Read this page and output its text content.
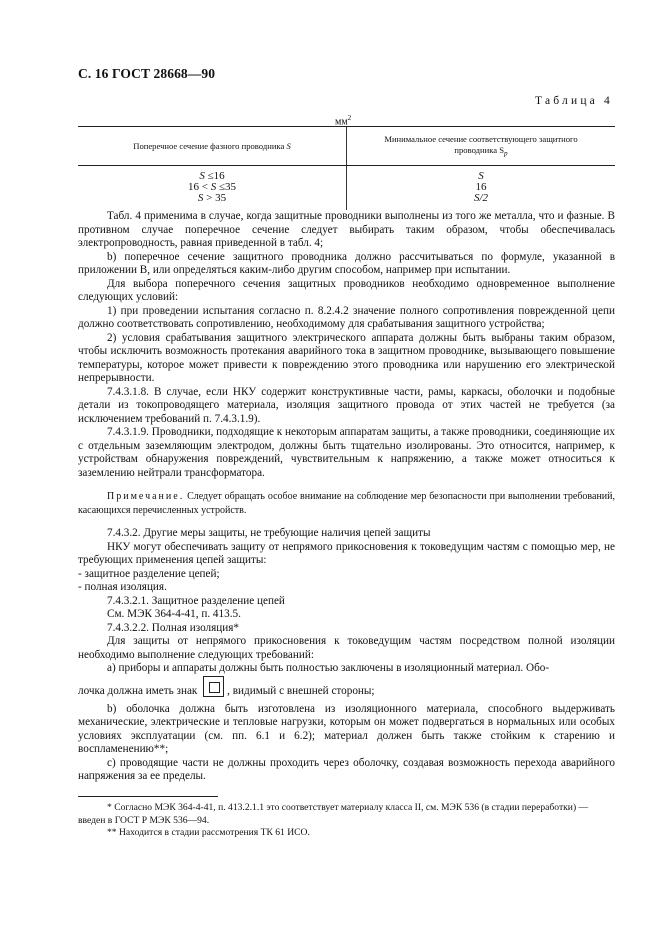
С. 16 ГОСТ 28668—90
Таблица 4
$мм^2$
Поперечное сечение фазного проводника S
Минимальное сечение соответствующего защитного проводника $S_p$
S ≤16
16 < S ≤35
S > 35
S
16
S/2

Табл. 4 применима в случае, когда защитные проводники выполнены из того же металла, что и фазные. В противном случае поперечное сечение следует выбирать таким образом, чтобы обеспечивалась электропроводность, равная приведенной в табл. 4;

b) поперечное сечение защитного проводника должно рассчитываться по формуле, указанной в приложении В, или определяться каким-либо другим способом, например при испытании.

Для выбора поперечного сечения защитных проводников необходимо одновременное выполнение следующих условий:

1) при проведении испытания согласно п. 8.2.4.2 значение полного сопротивления поврежденной цепи должно соответствовать сопротивлению, необходимому для срабатывания защитного устройства;

2) условия срабатывания защитного электрического аппарата должны быть выбраны таким образом, чтобы исключить возможность протекания аварийного тока в защитном проводнике, вызывающего повышение температуры, которое может привести к повреждению этого проводника или нарушению его электрической непрерывности.

7.4.3.1.8. В случае, если НКУ содержит конструктивные части, рамы, каркасы, оболочки и подобные детали из токопроводящего материала, изоляция защитного провода от этих частей не требуется (за исключением требований п. 7.4.3.1.9).

7.4.3.1.9. Проводники, подходящие к некоторым аппаратам защиты, а также проводники, соединяющие их с отдельным заземляющим электродом, должны быть тщательно изолированы. Это относится, например, к устройствам обнаружения повреждений, чувствительным к напряжению, а также может относиться к заземлению нейтрали трансформатора.

Примечание. Следует обращать особое внимание на соблюдение мер безопасности при выполнении требований, касающихся перечисленных устройств.

7.4.3.2. Другие меры защиты, не требующие наличия цепей защиты

НКУ могут обеспечивать защиту от непрямого прикосновения к токоведущим частям с помощью мер, не требующих применения цепей защиты:

- защитное разделение цепей;

- полная изоляция.

7.4.3.2.1. Защитное разделение цепей

См. МЭК 364-4-41, п. 413.5.

7.4.3.2.2. Полная изоляция*

Для защиты от непрямого прикосновения к токоведущим частям посредством полной изоляции необходимо выполнение следующих требований:

а) приборы и аппараты должны быть полностью заключены в изоляционный материал. Обо-

лочка должна иметь знак	, видимый с внешней стороны;

b) оболочка должна быть изготовлена из изоляционного материала, способного выдерживать механические, электрические и тепловые нагрузки, которым он может подвергаться в нормальных или особых условиях эксплуатации (см. пп. 6.1 и 6.2); материал должен быть также стойким к старению и воспламенению**;

с) проводящие части не должны проходить через оболочку, создавая возможность перехода аварийного напряжения за ее пределы.

* Согласно МЭК 364-4-41, п. 413.2.1.1 это соответствует материалу класса II, см. МЭК 536 (в стадии переработки) — введен в ГОСТ Р МЭК 536—94.

** Находится в стадии рассмотрения ТК 61 ИСО.
